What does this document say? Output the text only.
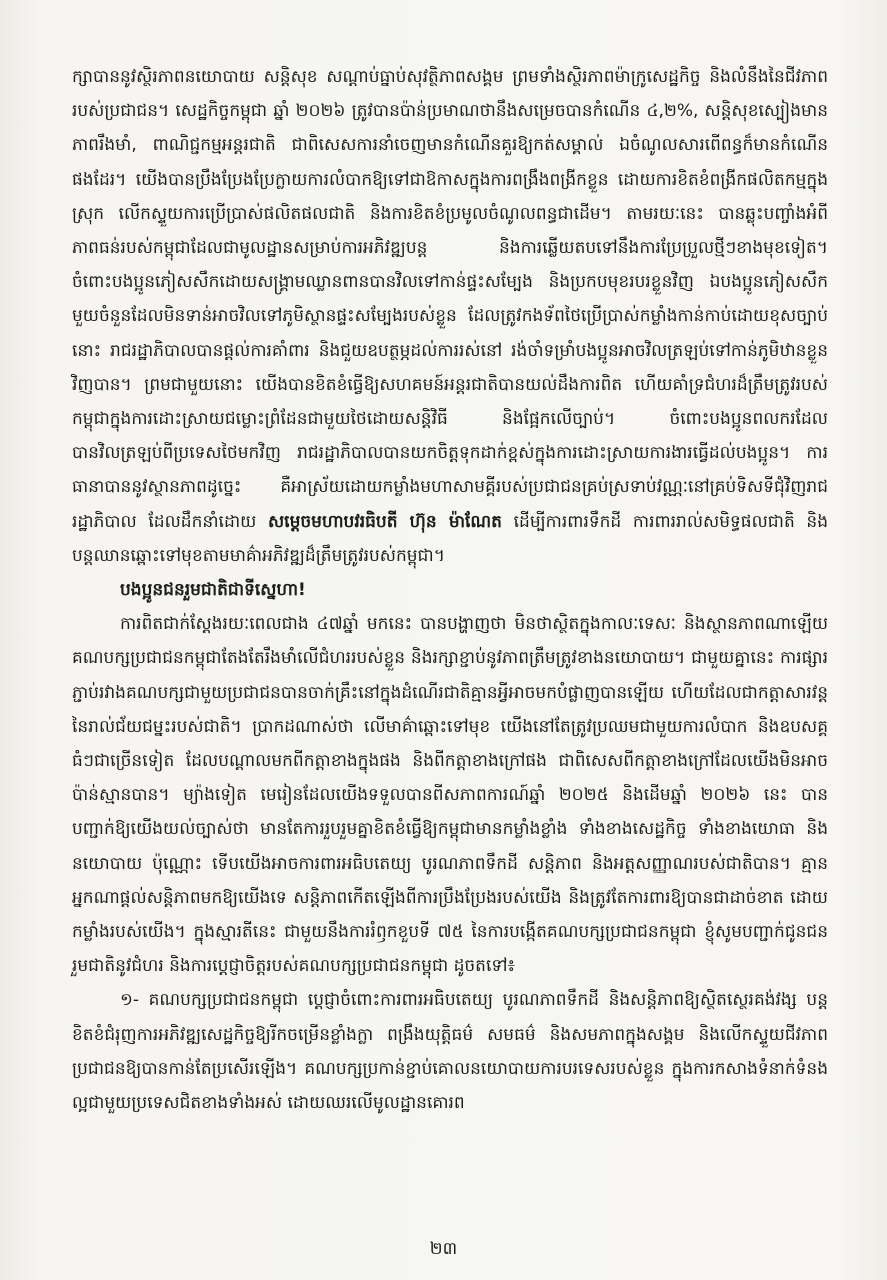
ក្សាបាននូវស្ថិរភាពនយោបាយ សន្តិសុខ សណ្តាប់ធ្នាប់សុវត្ថិភាពសង្គម ព្រមទាំងស្ថិរភាពម៉ាក្រូសេដ្ឋកិច្ច និងលំនឹងនៃជីវភាពរបស់ប្រជាជន។ សេដ្ឋកិច្ចកម្ពុជា ឆ្នាំ ២០២៦ ត្រូវបានប៉ាន់ប្រមាណថានឹងសម្រេចបានកំណើន ៤,២%, សន្តិសុខស្បៀងមានភាពរឹងមាំ, ពាណិជ្ជកម្មអន្តរជាតិ ជាពិសេសការនាំចេញមានកំណើនគួរឱ្យកត់សម្គាល់ ឯចំណូលសារពើពន្ធក៏មានកំណើនផងដែរ។ យើងបានប្រឹងប្រែងប្រែក្លាយការលំបាកឱ្យទៅជាឱកាសក្នុងការពង្រឹងពង្រីកខ្លួន ដោយការខិតខំពង្រីកផលិតកម្មក្នុងស្រុក លើកស្ទួយការប្រើប្រាស់ផលិតផលជាតិ និងការខិតខំប្រមូលចំណូលពន្ធជាដើម។ តាមរយៈនេះ បានឆ្លុះបញ្ចាំងអំពីភាពធន់របស់កម្ពុជាដែលជាមូលដ្ឋានសម្រាប់ការអភិវឌ្ឍបន្ត និងការឆ្លើយតបទៅនឹងការប្រែប្រួលថ្មីៗខាងមុខទៀត។ ចំពោះបងប្អូនភៀសសឹកដោយសង្គ្រាមឈ្លានពានបានវិលទៅកាន់ផ្ទះសម្បែង និងប្រកបមុខរបរខ្លួនវិញ ឯបងប្អូនភៀសសឹកមួយចំនួនដែលមិនទាន់អាចវិលទៅភូមិស្ថានផ្ទះសម្បែងរបស់ខ្លួន ដែលត្រូវកងទ័ពថៃប្រើប្រាស់កម្លាំងកាន់កាប់ដោយខុសច្បាប់នោះ រាជរដ្ឋាភិបាលបានផ្តល់ការគាំពារ និងជួយឧបត្ថម្ភដល់ការរស់នៅ រង់ចាំទម្រាំបងប្អូនអាចវិលត្រឡប់ទៅកាន់ភូមិឋានខ្លួនវិញបាន។ ព្រមជាមួយនោះ យើងបានខិតខំធ្វើឱ្យសហគមន៍អន្តរជាតិបានយល់ដឹងការពិត ហើយគាំទ្រជំហរដ៏ត្រឹមត្រូវរបស់កម្ពុជាក្នុងការដោះស្រាយជម្លោះព្រំដែនជាមួយថៃដោយសន្តិវិធី និងផ្អែកលើច្បាប់។ ចំពោះបងប្អូនពលករដែលបានវិលត្រឡប់ពីប្រទេសថៃមកវិញ រាជរដ្ឋាភិបាលបានយកចិត្តទុកដាក់ខ្ពស់ក្នុងការដោះស្រាយការងារធ្វើដល់បងប្អូន។ ការធានាបាននូវស្ថានភាពដូច្នេះ គឺអាស្រ័យដោយកម្លាំងមហាសាមគ្គីរបស់ប្រជាជនគ្រប់ស្រទាប់វណ្ណៈនៅគ្រប់ទិសទីជុំវិញរាជរដ្ឋាភិបាល ដែលដឹកនាំដោយ សម្តេចមហាបវរធិបតី ហ៊ុន ម៉ាណែត ដើម្បីការពារទឹកដី ការពាររាល់សមិទ្ធផលជាតិ និងបន្តឈានឆ្ពោះទៅមុខតាមមាគ៌ាអភិវឌ្ឍដ៏ត្រឹមត្រូវរបស់កម្ពុជា។

បងប្អូនជនរួមជាតិជាទីស្នេហា!

ការពិតជាក់ស្តែងរយៈពេលជាង ៤៧ឆ្នាំ មកនេះ បានបង្ហាញថា មិនថាស្ថិតក្នុងកាលៈទេសៈ និងស្ថានភាពណាឡើយ គណបក្សប្រជាជនកម្ពុជាតែងតែរឹងមាំលើជំហររបស់ខ្លួន និងរក្សាខ្ជាប់នូវភាពត្រឹមត្រូវខាងនយោបាយ។ ជាមួយគ្នានេះ ការផ្សារភ្ជាប់រវាងគណបក្សជាមួយប្រជាជនបានចាក់គ្រឹះនៅក្នុងដំណើរជាតិគ្មានអ្វីអាចមកបំផ្លាញបានឡើយ ហើយដែលជាកត្តាសារវន្តនៃរាល់ជ័យជម្នះរបស់ជាតិ។ ប្រាកដណាស់ថា លើមាគ៌ាឆ្ពោះទៅមុខ យើងនៅតែត្រូវប្រឈមជាមួយការលំបាក និងឧបសគ្គធំៗជាច្រើនទៀត ដែលបណ្តាលមកពីកត្តាខាងក្នុងផង និងពីកត្តាខាងក្រៅផង ជាពិសេសពីកត្តាខាងក្រៅដែលយើងមិនអាចប៉ាន់ស្មានបាន។ ម្យ៉ាងទៀត មេរៀនដែលយើងទទួលបានពីសភាពការណ៍ឆ្នាំ ២០២៥ និងដើមឆ្នាំ ២០២៦ នេះ បានបញ្ជាក់ឱ្យយើងយល់ច្បាស់ថា មានតែការរួបរួមគ្នាខិតខំធ្វើឱ្យកម្ពុជាមានកម្លាំងខ្លាំង ទាំងខាងសេដ្ឋកិច្ច ទាំងខាងយោធា និងនយោបាយ ប៉ុណ្ណោះ ទើបយើងអាចការពារអធិបតេយ្យ បូរណភាពទឹកដី សន្តិភាព និងអត្តសញ្ញាណរបស់ជាតិបាន។ គ្មានអ្នកណាផ្តល់សន្តិភាពមកឱ្យយើងទេ សន្តិភាពកើតឡើងពីការប្រឹងប្រែងរបស់យើង និងត្រូវតែការពារឱ្យបានជាដាច់ខាត ដោយកម្លាំងរបស់យើង។ ក្នុងស្មារតីនេះ ជាមួយនឹងការរំឭកខួបទី ៧៥ នៃការបង្កើតគណបក្សប្រជាជនកម្ពុជា ខ្ញុំសូមបញ្ជាក់ជូនជនរួមជាតិនូវជំហរ និងការប្តេជ្ញាចិត្តរបស់គណបក្សប្រជាជនកម្ពុជា ដូចតទៅ៖

១- គណបក្សប្រជាជនកម្ពុជា ប្តេជ្ញាចំពោះការពារអធិបតេយ្យ បូរណភាពទឹកដី និងសន្តិភាពឱ្យស្ថិតស្ថេរគង់វង្ស បន្តខិតខំជំរុញការអភិវឌ្ឍសេដ្ឋកិច្ចឱ្យរីកចម្រើនខ្លាំងក្លា ពង្រឹងយុត្តិធម៌ សមធម៌ និងសមភាពក្នុងសង្គម និងលើកស្ទួយជីវភាពប្រជាជនឱ្យបានកាន់តែប្រសើរឡើង។ គណបក្សប្រកាន់ខ្ជាប់គោលនយោបាយការបរទេសរបស់ខ្លួន ក្នុងការកសាងទំនាក់ទំនងល្អជាមួយប្រទេសជិតខាងទាំងអស់ ដោយឈរលើមូលដ្ឋានគោរព

២៣
